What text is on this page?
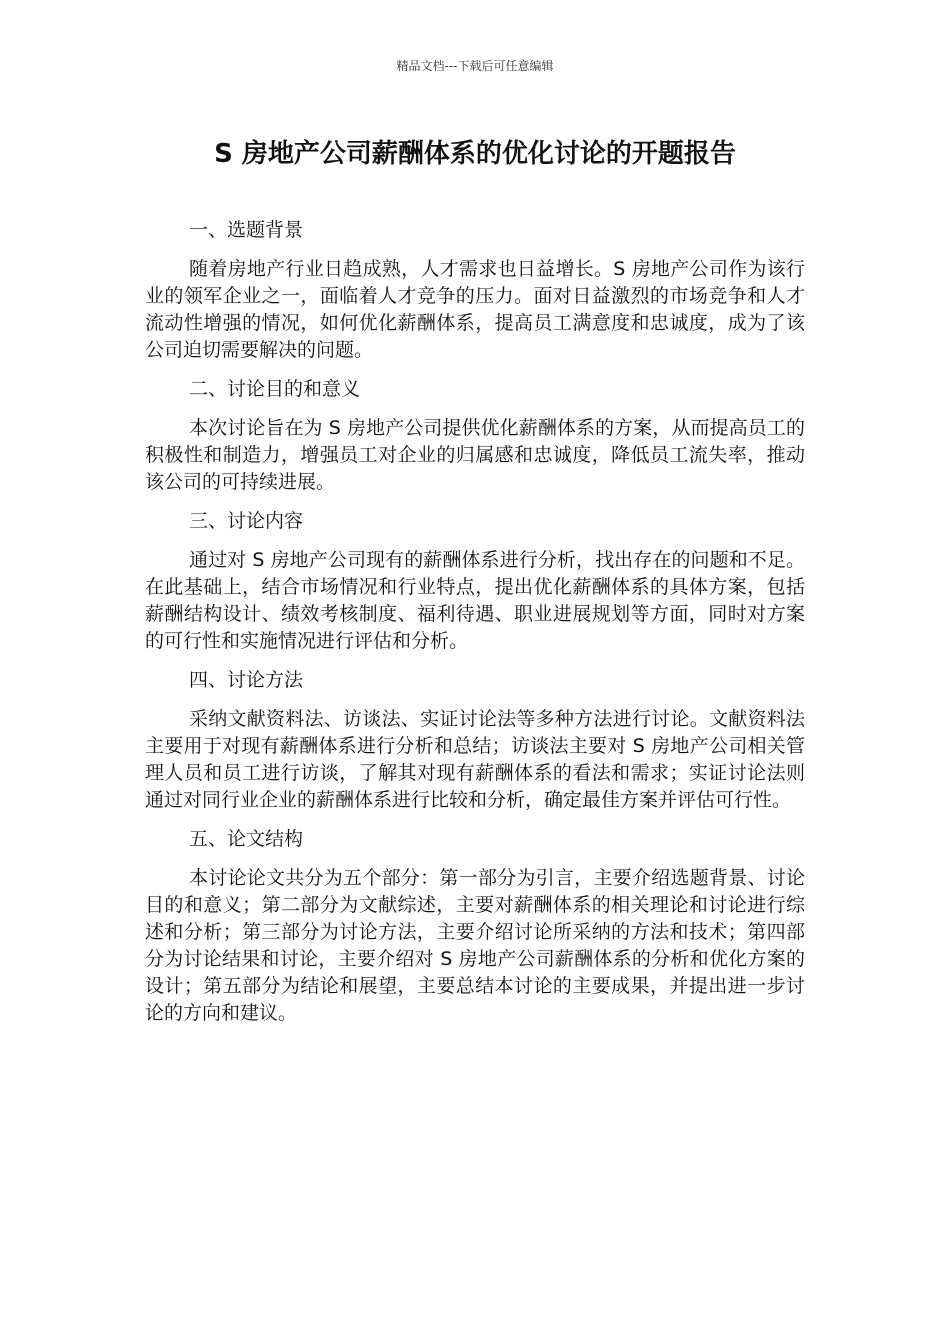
精品文档---下载后可任意编辑
S 房地产公司薪酬体系的优化讨论的开题报告

一、选题背景

随着房地产行业日趋成熟，人才需求也日益增长。S 房地产公司作为该行业的领军企业之一，面临着人才竞争的压力。面对日益激烈的市场竞争和人才流动性增强的情况，如何优化薪酬体系，提高员工满意度和忠诚度，成为了该公司迫切需要解决的问题。

二、讨论目的和意义

本次讨论旨在为 S 房地产公司提供优化薪酬体系的方案，从而提高员工的积极性和制造力，增强员工对企业的归属感和忠诚度，降低员工流失率，推动该公司的可持续进展。

三、讨论内容

通过对 S 房地产公司现有的薪酬体系进行分析，找出存在的问题和不足。在此基础上，结合市场情况和行业特点，提出优化薪酬体系的具体方案，包括薪酬结构设计、绩效考核制度、福利待遇、职业进展规划等方面，同时对方案的可行性和实施情况进行评估和分析。

四、讨论方法

采纳文献资料法、访谈法、实证讨论法等多种方法进行讨论。文献资料法主要用于对现有薪酬体系进行分析和总结；访谈法主要对 S 房地产公司相关管理人员和员工进行访谈，了解其对现有薪酬体系的看法和需求；实证讨论法则通过对同行业企业的薪酬体系进行比较和分析，确定最佳方案并评估可行性。

五、论文结构

本讨论论文共分为五个部分：第一部分为引言，主要介绍选题背景、讨论目的和意义；第二部分为文献综述，主要对薪酬体系的相关理论和讨论进行综述和分析；第三部分为讨论方法，主要介绍讨论所采纳的方法和技术；第四部分为讨论结果和讨论，主要介绍对 S 房地产公司薪酬体系的分析和优化方案的设计；第五部分为结论和展望，主要总结本讨论的主要成果，并提出进一步讨论的方向和建议。
